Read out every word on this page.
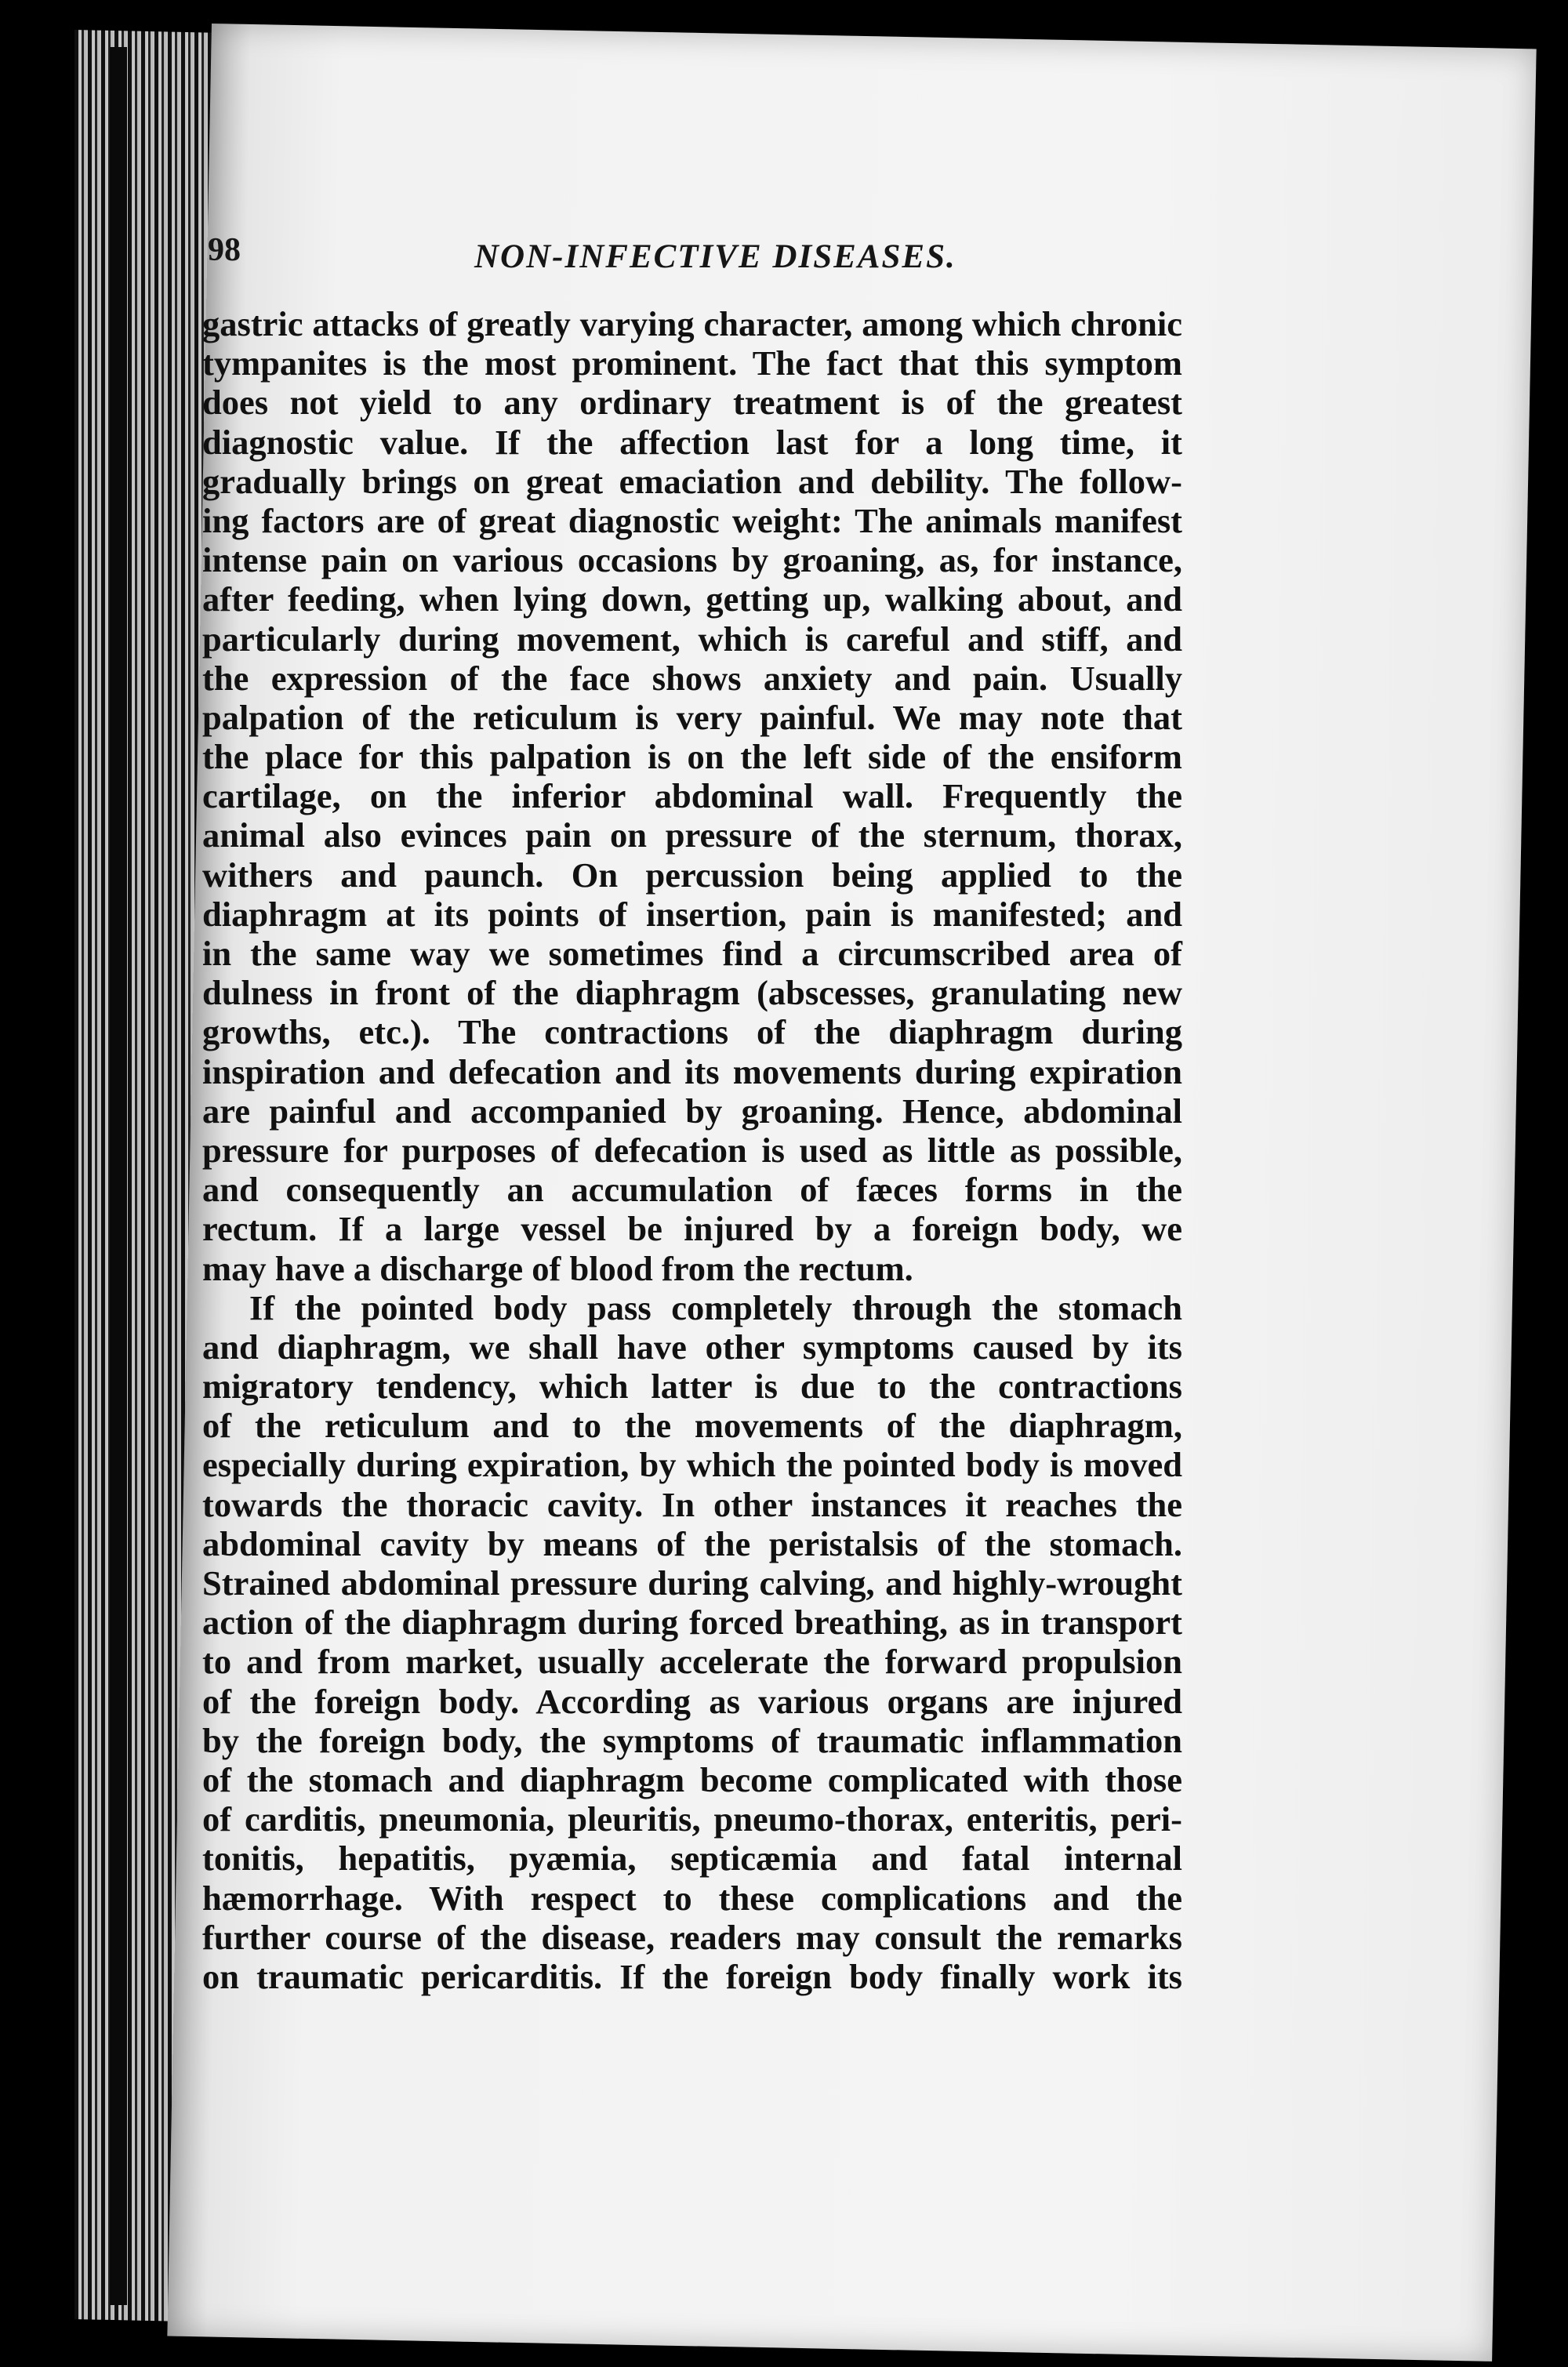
98	NON-INFECTIVE DISEASES.
gastric attacks of greatly varying character, among which chronic
tympanites is the most prominent. The fact that this symptom
does not yield to any ordinary treatment is of the greatest
diagnostic value. If the affection last for a long time, it
gradually brings on great emaciation and debility. The follow-
ing factors are of great diagnostic weight: The animals manifest
intense pain on various occasions by groaning, as, for instance,
after feeding, when lying down, getting up, walking about, and
particularly during movement, which is careful and stiff, and
the expression of the face shows anxiety and pain. Usually
palpation of the reticulum is very painful. We may note that
the place for this palpation is on the left side of the ensiform
cartilage, on the inferior abdominal wall. Frequently the
animal also evinces pain on pressure of the sternum, thorax,
withers and paunch. On percussion being applied to the
diaphragm at its points of insertion, pain is manifested; and
in the same way we sometimes find a circumscribed area of
dulness in front of the diaphragm (abscesses, granulating new
growths, etc.). The contractions of the diaphragm during
inspiration and defecation and its movements during expiration
are painful and accompanied by groaning. Hence, abdominal
pressure for purposes of defecation is used as little as possible,
and consequently an accumulation of fæces forms in the
rectum. If a large vessel be injured by a foreign body, we
may have a discharge of blood from the rectum.
If the pointed body pass completely through the stomach
and diaphragm, we shall have other symptoms caused by its
migratory tendency, which latter is due to the contractions
of the reticulum and to the movements of the diaphragm,
especially during expiration, by which the pointed body is moved
towards the thoracic cavity. In other instances it reaches the
abdominal cavity by means of the peristalsis of the stomach.
Strained abdominal pressure during calving, and highly-wrought
action of the diaphragm during forced breathing, as in transport
to and from market, usually accelerate the forward propulsion
of the foreign body. According as various organs are injured
by the foreign body, the symptoms of traumatic inflammation
of the stomach and diaphragm become complicated with those
of carditis, pneumonia, pleuritis, pneumo-thorax, enteritis, peri-
tonitis, hepatitis, pyæmia, septicæmia and fatal internal
hæmorrhage. With respect to these complications and the
further course of the disease, readers may consult the remarks
on traumatic pericarditis. If the foreign body finally work its
